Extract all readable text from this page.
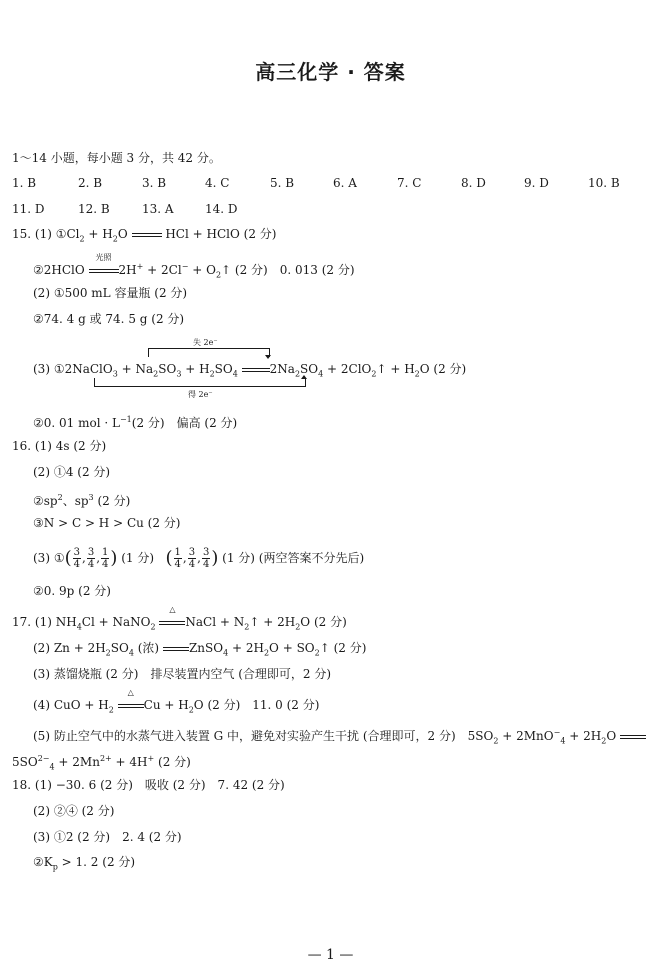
高三化学 · 答案
1～14 小题，每小题 3 分，共 42 分。
1. B	2. B	3. B	4. C	5. B	6. A	7. C	8. D	9. D	10. B
11. D	12. B	13. A	14. D
15. (1) $①Cl_2 + H_2O$	HCl + HClO (2 分)
②2HClO
光照
$2H^+ + 2Cl^- + O_2↑$ (2 分)　0. 013 (2 分)
(2) ①500 mL 容量瓶 (2 分)
②74. 4 g 或 74. 5 g (2 分)
失 2e⁻
得 2e⁻
(3) ①2NaClO$_3$ + $Na_2SO_3 + H_2SO_4$	$2Na_2SO_4$ + 2ClO$_2$↑ + $H_2O$ (2 分)
②0. 01 mol · $L^{-1}(2$ 分)　偏高 (2 分)
16. (1) 4s (2 分)
(2) ①4 (2 分)
$②sp^2$、$sp^3$ (2 分)
③N > C > H > Cu (2 分)
(3) ①( $\frac{3}{4}$ , $\frac{3}{4}$ , $\frac{1}{4}$ ) (1 分) ( $\frac{1}{4}$ , $\frac{3}{4}$ , $\frac{3}{4}$ ) (1 分) (两空答案不分先后)
②0. 9p (2 分)
17. (1) $NH_4Cl$ + NaNO$_2$
△
NaCl + $N_2↑ + 2H_2O$ (2 分)
(2) $Zn + 2H_2SO_4$ (浓) ZnSO$_4$ + $2H_2O$ + $SO_2↑$ (2 分)
(3) 蒸馏烧瓶 (2 分)　排尽装置内空气 (合理即可，2 分)
(4) CuO + $H_2$
△
$Cu + H_2O$ (2 分)　11. 0 (2 分)
(5) 防止空气中的水蒸气进入装置 G 中，避免对实验产生干扰 (合理即可，2 分)　$5SO_2 + 2MnO^-_4 + 2H_2O$
$5SO^{2-}_4 + 2Mn^{2+} + 4H^+$ (2 分)
18. (1) −30. 6 (2 分)　吸收 (2 分)　7. 42 (2 分)
(2) ②④ (2 分)
(3) ①2 (2 分)　2. 4 (2 分)
$②K_p > 1$. 2 (2 分)
— 1 —
